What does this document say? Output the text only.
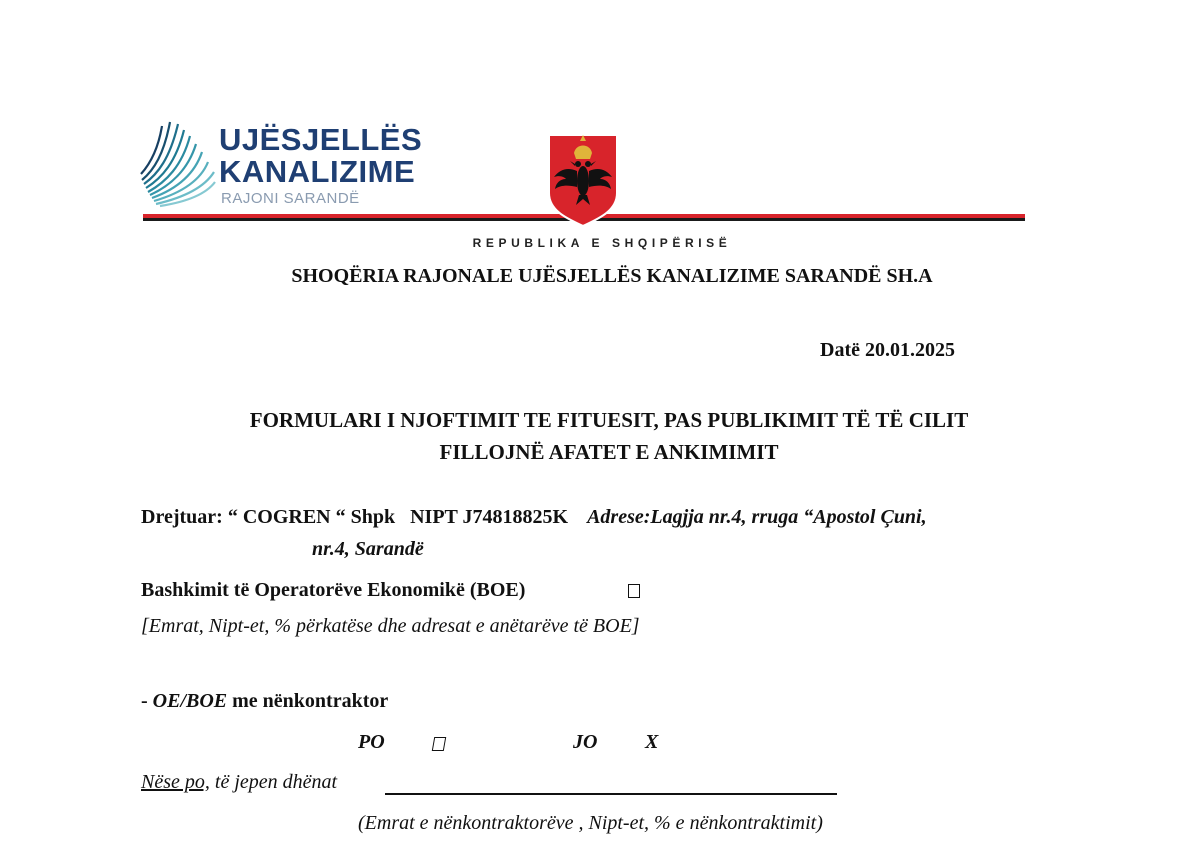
UJËSJELLËS
KANALIZIME
RAJONI SARANDË
REPUBLIKA E SHQIPËRISË
SHOQËRIA RAJONALE UJËSJELLËS KANALIZIME SARANDË SH.A
Datë 20.01.2025
FORMULARI I NJOFTIMIT TE FITUESIT, PAS PUBLIKIMIT TË TË CILIT
FILLOJNË AFATET E ANKIMIMIT
Drejtuar: “ COGREN “ Shpk NIPT J74818825K Adrese:Lagjja nr.4, rruga “Apostol Çuni,
nr.4, Sarandë
Bashkimit të Operatorëve Ekonomikë (BOE)
[Emrat, Nipt-et, % përkatëse dhe adresat e anëtarëve të BOE]
- OE/BOE me nënkontraktor
PO	JO X
Nëse po, të jepen dhënat
(Emrat e nënkontraktorëve , Nipt-et, % e nënkontraktimit)
